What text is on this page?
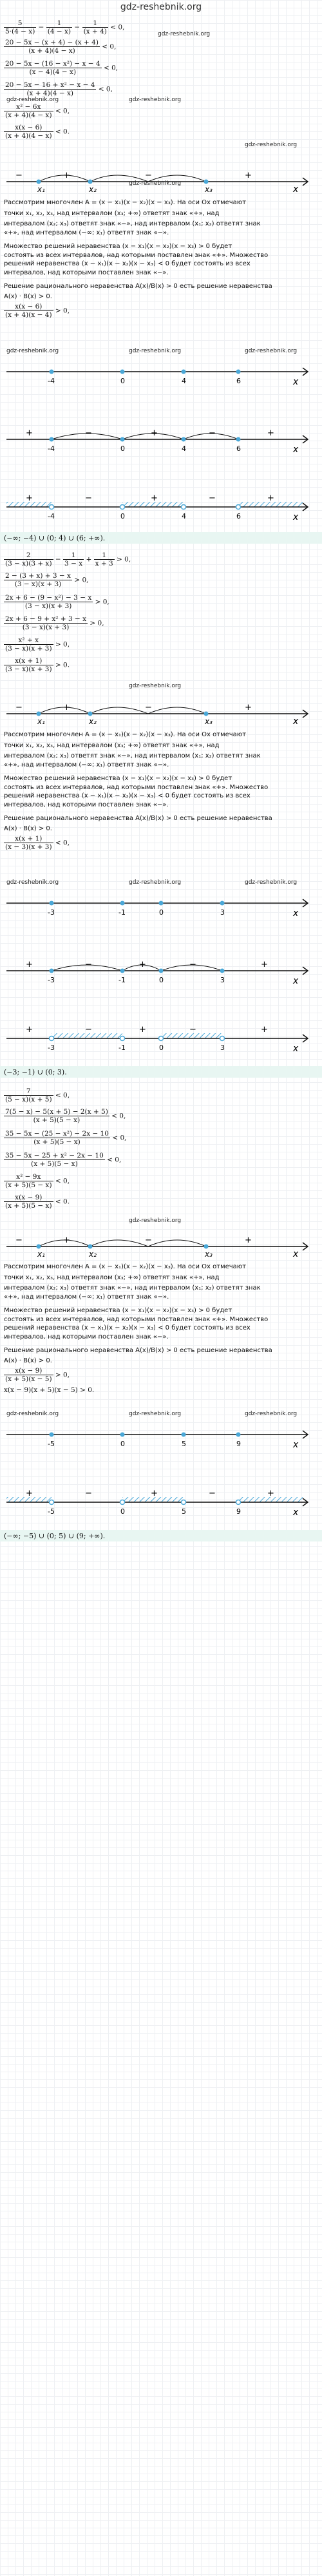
gdz-reshebnik.org
$\frac{5}{5\cdot(4 - x)} - \frac{1}{(4 - x)} - \frac{1}{(x + 4)} < 0$,
$\frac{20 - 5x - (x + 4) - (x + 4)}{(x + 4)(4 - x)} < 0$,
$\frac{\text{20 − 5x − (16 − x²) − x − 4}}{(x - 4)(4 - x)} < 0$,
$\frac{\text{20 − 5x − 16 + x² − x − 4}}{(x + 4)(4 - x)} < 0$,
$\frac{\text{x² − 6x}}{(x + 4)(4 - x)} < 0$,
$\frac{x(x - 6)}{(x + 4)(4 - x)} < 0$.
−	+	−	+
x₁	x₂	x₃	x
Рассмотрим многочлен A = (x − x₁)(x − x₂)(x − x₃). На оси Ox отмечают
точки x₁, x₂, x₃, над интервалом (x₃; +∞) ответят знак «+», над
интервалом (x₂; x₃) ответят знак «−», над интервалом (x₁; x₂) ответят знак
«+», над интервалом (−∞; x₁) ответят знак «−».
Множество решений неравенства (x − x₁)(x − x₂)(x − x₃) > 0 будет
состоять из всех интервалов, над которыми поставлен знак «+». Множество
решений неравенства (x − x₁)(x − x₂)(x − x₃) < 0 будет состоять из всех
интервалов, над которыми поставлен знак «−».
Решение рационального неравенства A(x)/B(x) > 0 есть решение неравенства
A(x) · B(x) > 0.
$\frac{x(x - 6)}{(x + 4)(x - 4)} > 0$,
-4	0	4	6	x
+	−	+	−	+
-4	0	4	6	x
+	−	+	−	+
-4	0	4	6	x
(−∞; −4) ∪ (0; 4) ∪ (6; +∞).
$\frac{2}{(3 - x)(3 + x)} - \frac{1}{3 - x} + \frac{1}{x + 3} > 0$,
$\frac{2 - (3 + x) + 3 - x}{(3 - x)(x + 3)} > 0$,
$\frac{\text{2x + 6 − (9 − x²) − 3 − x}}{(3 - x)(x + 3)} > 0$,
$\frac{\text{2x + 6 − 9 + x² + 3 − x}}{(3 - x)(x + 3)} > 0$,
$\frac{\text{x² + x}}{(3 - x)(x + 3)} > 0$,
$\frac{x(x + 1)}{(3 - x)(x + 3)} > 0$.
−	+	−	+
x₁	x₂	x₃	x
Рассмотрим многочлен A = (x − x₁)(x − x₂)(x − x₃). На оси Ox отмечают
точки x₁, x₂, x₃, над интервалом (x₃; +∞) ответят знак «+», над
интервалом (x₂; x₃) ответят знак «−», над интервалом (x₁; x₂) ответят знак
«+», над интервалом (−∞; x₁) ответят знак «−».
Множество решений неравенства (x − x₁)(x − x₂)(x − x₃) > 0 будет
состоять из всех интервалов, над которыми поставлен знак «+». Множество
решений неравенства (x − x₁)(x − x₂)(x − x₃) < 0 будет состоять из всех
интервалов, над которыми поставлен знак «−».
Решение рационального неравенства A(x)/B(x) > 0 есть решение неравенства
A(x) · B(x) > 0.
$\frac{x(x + 1)}{(x - 3)(x + 3)} < 0$,
-3	-1	0	3	x
+	−	+	−	+
-3	-1	0	3	x
+	−	+	−	+
-3	-1	0	3	x
(−3; −1) ∪ (0; 3).
$\frac{7}{(5 - x)(x + 5)} < 0$,
$\frac{7(5 - x) - 5(x + 5) - 2(x + 5)}{(x + 5)(5 - x)} < 0$,
$\frac{\text{35 − 5x − (25 − x²) − 2x − 10}}{(x + 5)(5 - x)} < 0$,
$\frac{\text{35 − 5x − 25 + x² − 2x − 10}}{(x + 5)(5 - x)} < 0$,
$\frac{\text{x² − 9x}}{(x + 5)(5 - x)} < 0$,
$\frac{x(x - 9)}{(x + 5)(5 - x)} < 0$.
−	+	−	+
x₁	x₂	x₃	x
Рассмотрим многочлен A = (x − x₁)(x − x₂)(x − x₃). На оси Ox отмечают
точки x₁, x₂, x₃, над интервалом (x₃; +∞) ответят знак «+», над
интервалом (x₂; x₃) ответят знак «−», над интервалом (x₁; x₂) ответят знак
«+», над интервалом (−∞; x₁) ответят знак «−».
Множество решений неравенства (x − x₁)(x − x₂)(x − x₃) > 0 будет
состоять из всех интервалов, над которыми поставлен знак «+». Множество
решений неравенства (x − x₁)(x − x₂)(x − x₃) < 0 будет состоять из всех
интервалов, над которыми поставлен знак «−».
Решение рационального неравенства A(x)/B(x) > 0 есть решение неравенства
A(x) · B(x) > 0.
$\frac{x(x - 9)}{(x + 5)(x - 5)} > 0$,
x(x − 9)(x + 5)(x − 5) > 0.
-5	0	5	9	x
+	−	+	−	+
-5	0	5	9	x
(−∞; −5) ∪ (0; 5) ∪ (9; +∞).
gdz-reshebnik.org
gdz-reshebnik.org	gdz-reshebnik.org
gdz-reshebnik.org
gdz-reshebnik.org
gdz-reshebnik.org	gdz-reshebnik.org	gdz-reshebnik.org
gdz-reshebnik.org
gdz-reshebnik.org	gdz-reshebnik.org	gdz-reshebnik.org
gdz-reshebnik.org
gdz-reshebnik.org	gdz-reshebnik.org	gdz-reshebnik.org
